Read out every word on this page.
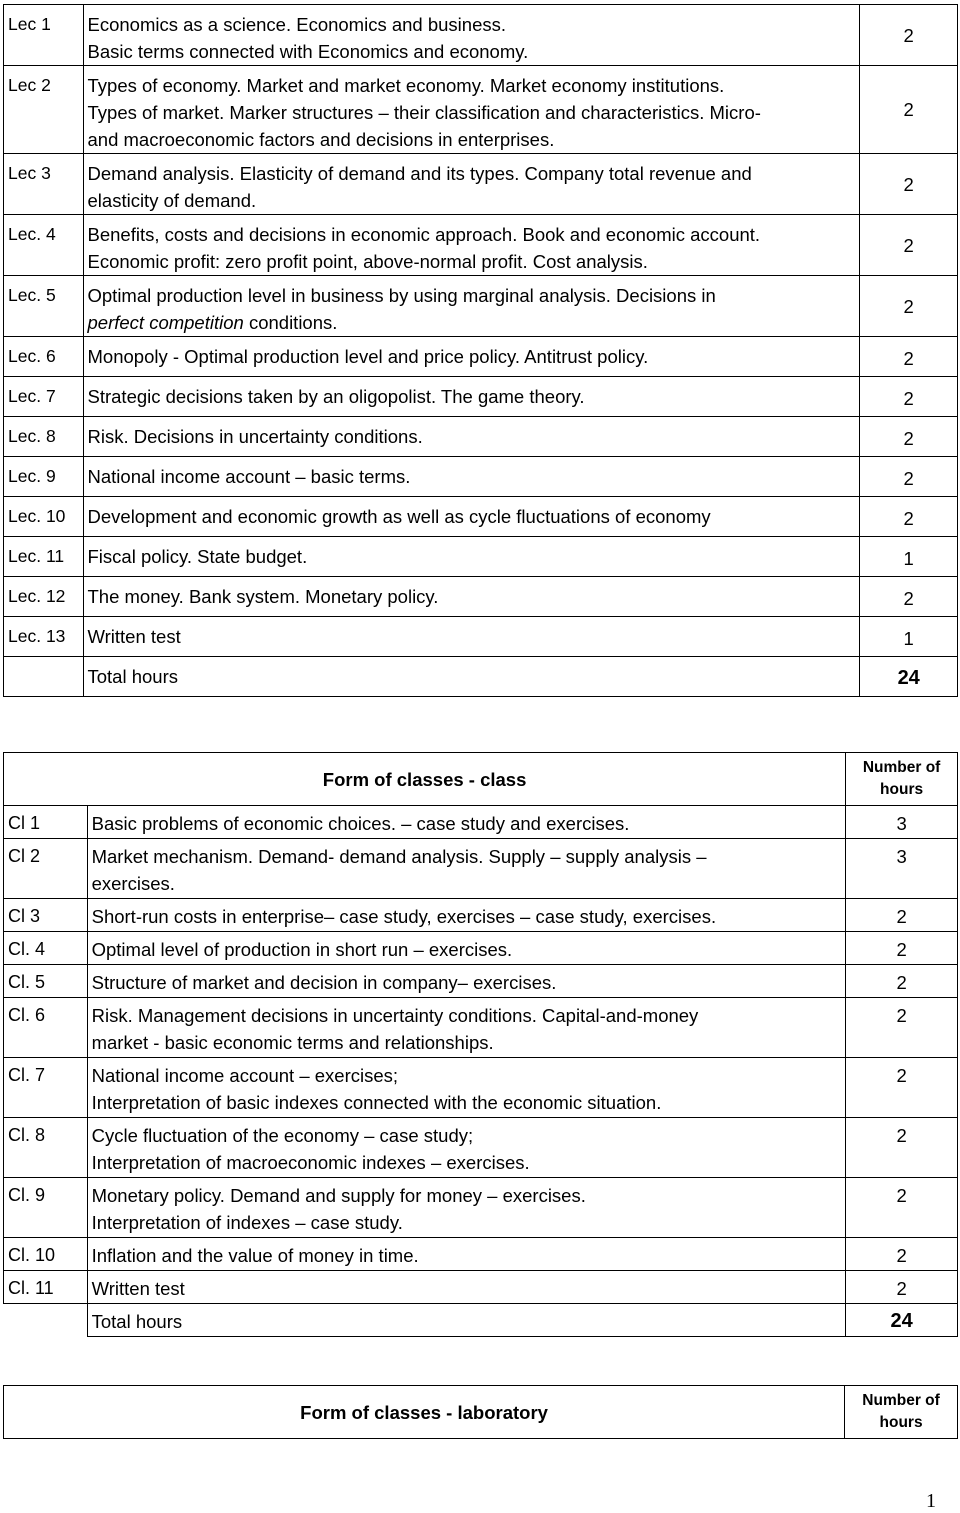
Lec 1	Economics as a science. Economics and business.
Basic terms connected with Economics and economy.	2
Lec 2	Types of economy. Market and market economy. Market economy institutions.
Types of market. Marker structures – their classification and characteristics. Micro-
and macroeconomic factors and decisions in enterprises.	2
Lec 3	Demand analysis. Elasticity of demand and its types. Company total revenue and
elasticity of demand.	2
Lec. 4	Benefits, costs and decisions in economic approach. Book and economic account.
Economic profit: zero profit point, above-normal profit. Cost analysis.	2
Lec. 5	Optimal production level in business by using marginal analysis. Decisions in
perfect competition conditions.	2
Lec. 6	Monopoly - Optimal production level and price policy. Antitrust policy.	2
Lec. 7	Strategic decisions taken by an oligopolist. The game theory.	2
Lec. 8	Risk. Decisions in uncertainty conditions.	2
Lec. 9	National income account – basic terms.	2
Lec. 10	Development and economic growth as well as cycle fluctuations of economy	2
Lec. 11	Fiscal policy. State budget.	1
Lec. 12	The money. Bank system. Monetary policy.	2
Lec. 13	Written test	1
	Total hours	24
Form of classes - class		Number of
hours
Cl 1	Basic problems of economic choices. – case study and exercises.	3
Cl 2	Market mechanism. Demand- demand analysis. Supply – supply analysis –
exercises.	3
Cl 3	Short-run costs in enterprise– case study, exercises – case study, exercises.	2
Cl. 4	Optimal level of production in short run – exercises.	2
Cl. 5	Structure of market and decision in company– exercises.	2
Cl. 6	Risk. Management decisions in uncertainty conditions. Capital-and-money
market - basic economic terms and relationships.	2
Cl. 7	National income account – exercises;
Interpretation of basic indexes connected with the economic situation.	2
Cl. 8	Cycle fluctuation of the economy – case study;
Interpretation of macroeconomic indexes – exercises.	2
Cl. 9	Monetary policy. Demand and supply for money – exercises.
Interpretation of indexes – case study.	2
Cl. 10	Inflation and the value of money in time.	2
Cl. 11	Written test	2
	Total hours	24
Form of classes - laboratory	Number of
hours
1
